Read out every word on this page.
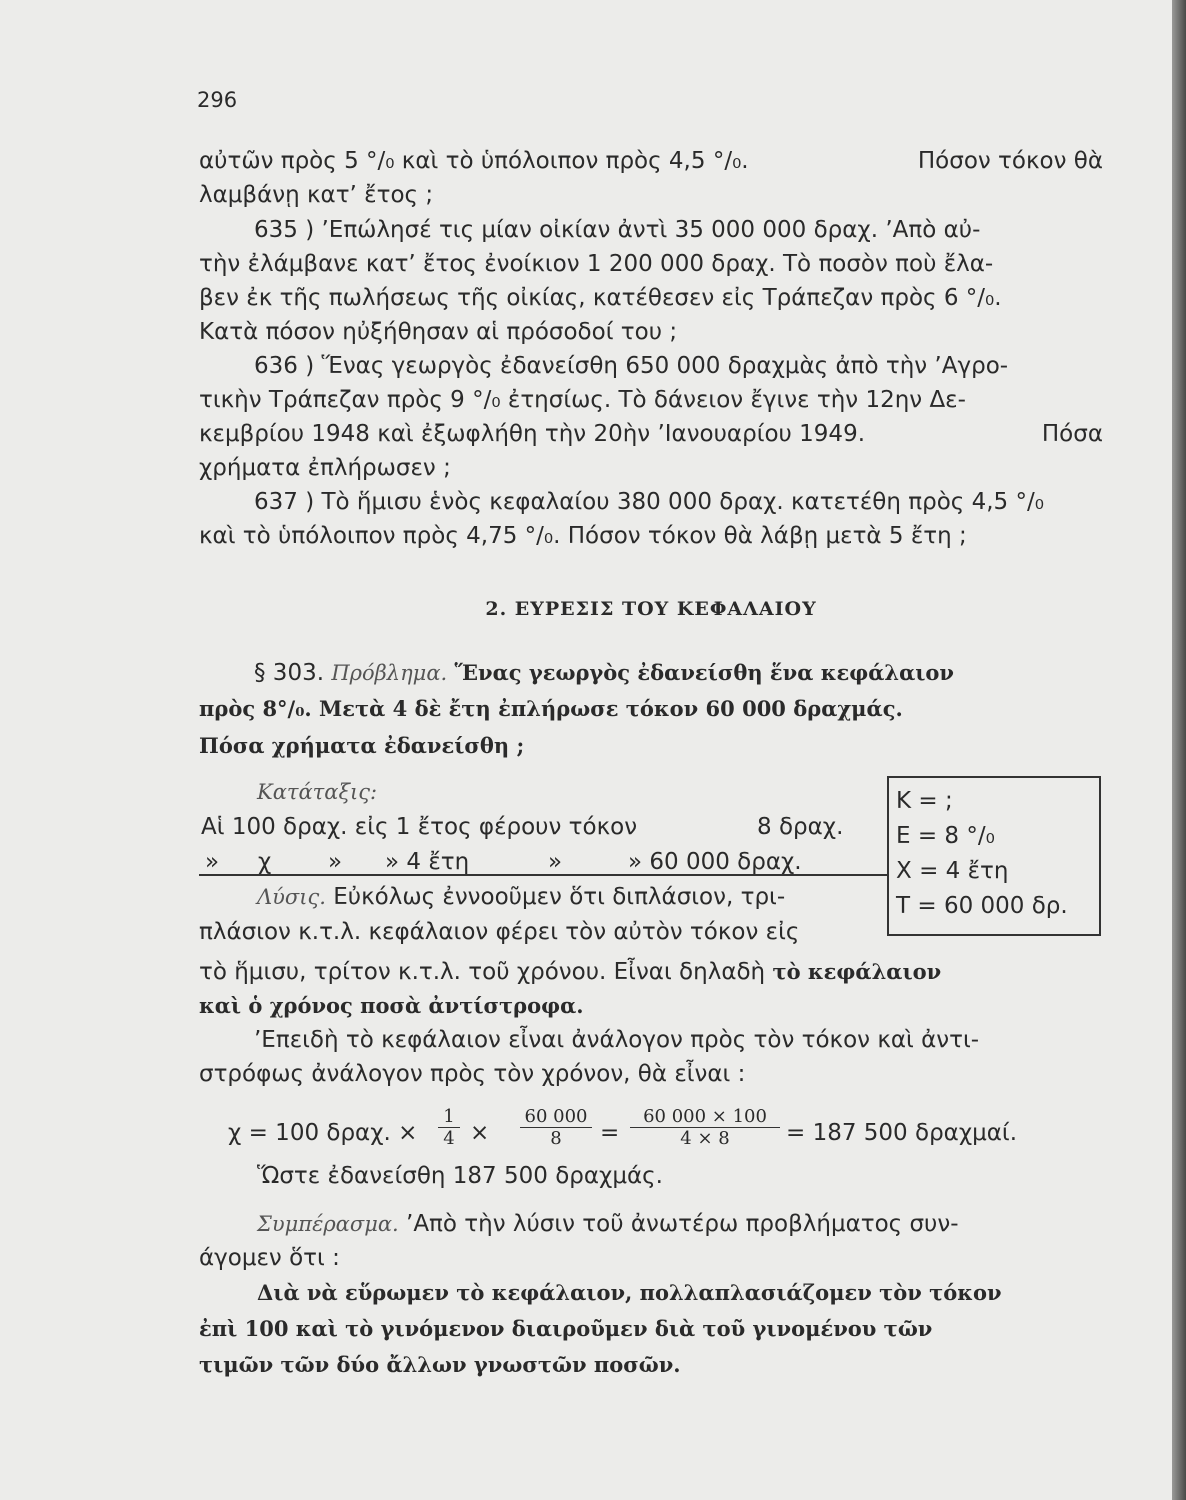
296
αὐτῶν πρὸς 5 °/₀ καὶ τὸ ὑπόλοιπον πρὸς 4,5 °/₀.	Πόσον τόκον θὰ
λαμβάνῃ κατ’ ἔτος ;
635 ) ’Επώλησέ τις μίαν οἰκίαν ἀντὶ 35 000 000 δραχ. ’Απὸ αὐ-
τὴν ἐλάμβανε κατ’ ἔτος ἐνοίκιον 1 200 000 δραχ. Τὸ ποσὸν ποὺ ἔλα-
βεν ἐκ τῆς πωλήσεως τῆς οἰκίας, κατέθεσεν εἰς Τράπεζαν πρὸς 6 °/₀.
Κατὰ πόσον ηὐξήθησαν αἱ πρόσοδοί του ;
636 ) Ἕνας γεωργὸς ἐδανείσθη 650 000 δραχμὰς ἀπὸ τὴν ’Αγρο-
τικὴν Τράπεζαν πρὸς 9 °/₀ ἐτησίως. Τὸ δάνειον ἔγινε τὴν 12ην Δε-
κεμβρίου 1948 καὶ ἐξωφλήθη τὴν 20ὴν ’Ιανουαρίου 1949.	Πόσα
χρήματα ἐπλήρωσεν ;
637 ) Τὸ ἥμισυ ἑνὸς κεφαλαίου 380 000 δραχ. κατετέθη πρὸς 4,5 °/₀
καὶ τὸ ὑπόλοιπον πρὸς 4,75 °/₀. Πόσον τόκον θὰ λάβῃ μετὰ 5 ἔτη ;
2. ΕΥΡΕΣΙΣ ΤΟΥ ΚΕΦΑΛΑΙΟΥ
§ 303. Πρόβλημα. Ἕνας γεωργὸς ἐδανείσθη ἕνα κεφάλαιον
πρὸς 8°/₀. Μετὰ 4 δὲ ἔτη ἐπλήρωσε τόκον 60 000 δραχμάς.
Πόσα χρήματα ἐδανείσθη ;
Κατάταξις:
Αἱ 100 δραχ. εἰς 1 ἔτος φέρουν τόκον	8 δραχ.
» χ » » 4 ἔτη	»	» 60 000 δραχ.
Κ = ;
Ε = 8 °/₀
Χ = 4 ἔτη
Τ = 60 000 δρ.
Λύσις. Εὐκόλως ἐννοοῦμεν ὅτι διπλάσιον, τρι-
πλάσιον κ.τ.λ. κεφάλαιον φέρει τὸν αὐτὸν τόκον εἰς
τὸ ἥμισυ, τρίτον κ.τ.λ. τοῦ χρόνου. Εἶναι δηλαδὴ τὸ κεφάλαιον
καὶ ὁ χρόνος ποσὰ ἀντίστροφα.
’Επειδὴ τὸ κεφάλαιον εἶναι ἀνάλογον πρὸς τὸν τόκον καὶ ἀντι-
στρόφως ἀνάλογον πρὸς τὸν χρόνον, θὰ εἶναι :
χ = 100 δραχ. × $\frac{1}{4} \times \frac{60 000}{8} = \frac{60 000 \times 100}{4 \times 8} = 187$ 500 δραχμαί.
Ὥστε ἐδανείσθη 187 500 δραχμάς.
Συμπέρασμα. ’Απὸ τὴν λύσιν τοῦ ἀνωτέρω προβλήματος συν-
άγομεν ὅτι :
Διὰ νὰ εὕρωμεν τὸ κεφάλαιον, πολλαπλασιάζομεν τὸν τόκον
ἐπὶ 100 καὶ τὸ γινόμενον διαιροῦμεν διὰ τοῦ γινομένου τῶν
τιμῶν τῶν δύο ἄλλων γνωστῶν ποσῶν.
